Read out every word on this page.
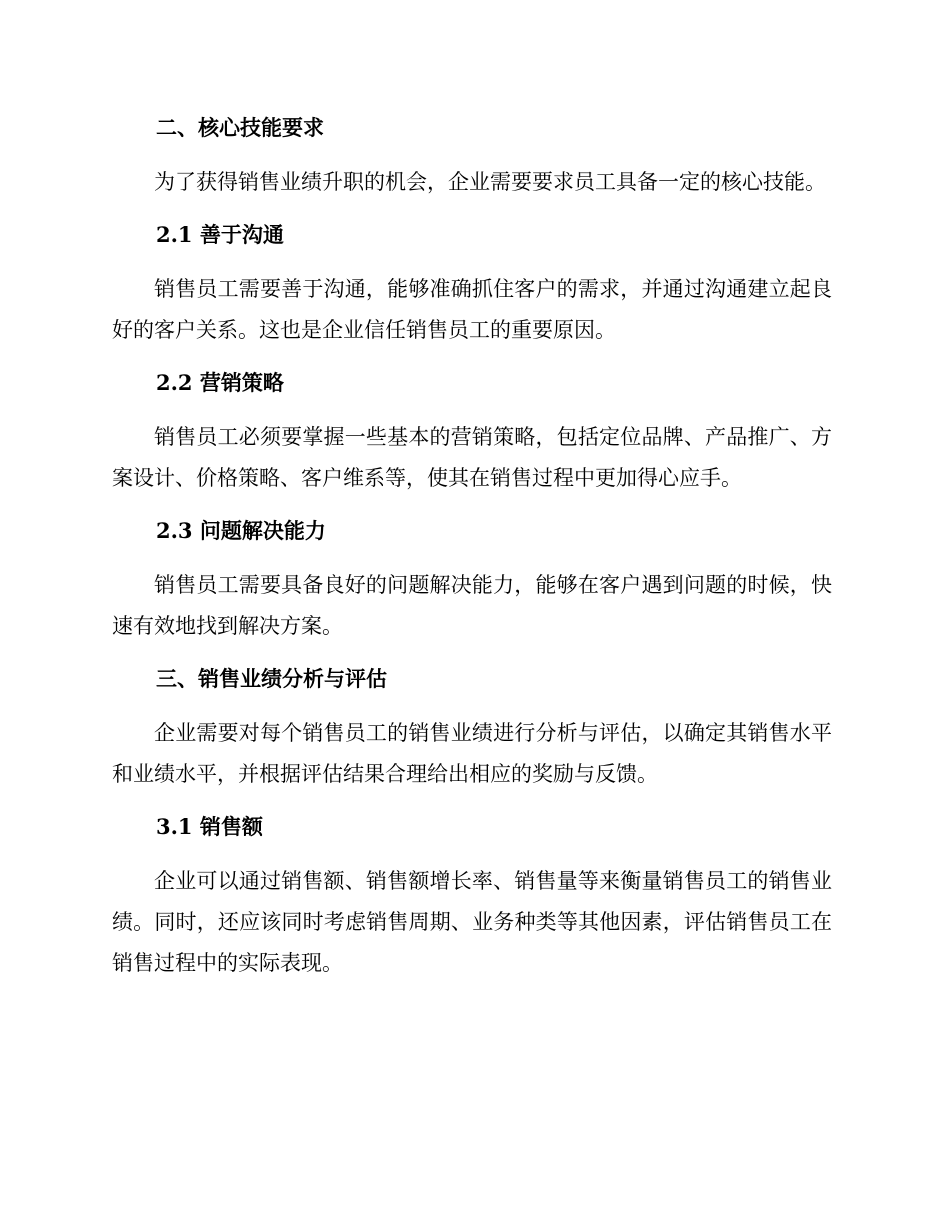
二、核心技能要求

为了获得销售业绩升职的机会，企业需要要求员工具备一定的核心技能。

2.1 善于沟通

销售员工需要善于沟通，能够准确抓住客户的需求，并通过沟通建立起良好的客户关系。这也是企业信任销售员工的重要原因。

2.2 营销策略

销售员工必须要掌握一些基本的营销策略，包括定位品牌、产品推广、方案设计、价格策略、客户维系等，使其在销售过程中更加得心应手。

2.3 问题解决能力

销售员工需要具备良好的问题解决能力，能够在客户遇到问题的时候，快速有效地找到解决方案。

三、销售业绩分析与评估

企业需要对每个销售员工的销售业绩进行分析与评估，以确定其销售水平和业绩水平，并根据评估结果合理给出相应的奖励与反馈。

3.1 销售额

企业可以通过销售额、销售额增长率、销售量等来衡量销售员工的销售业绩。同时，还应该同时考虑销售周期、业务种类等其他因素，评估销售员工在销售过程中的实际表现。
